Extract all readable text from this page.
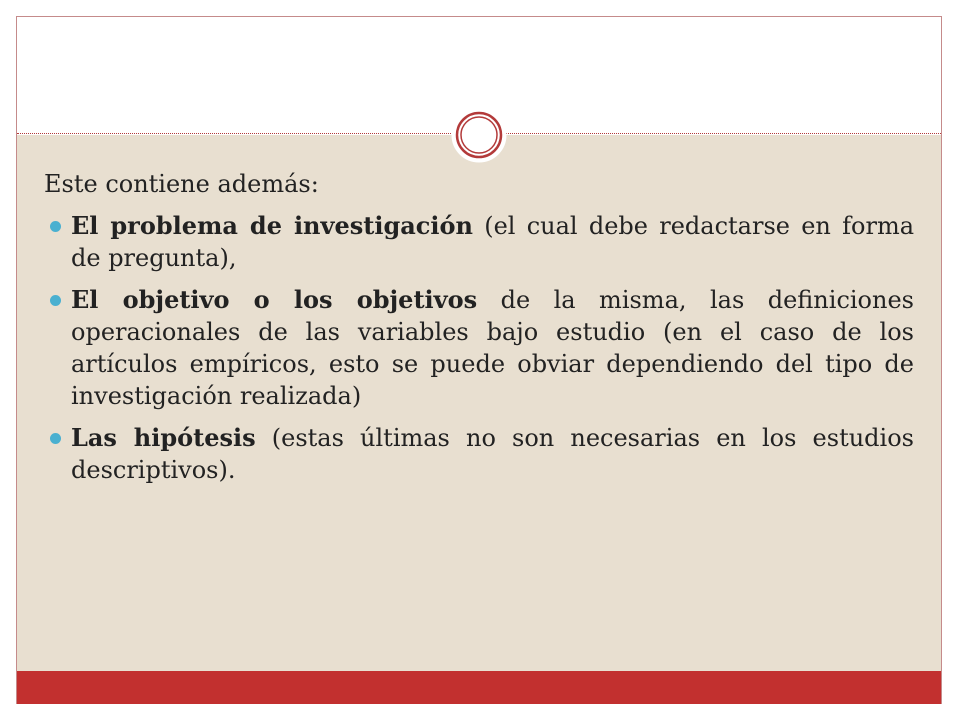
Este contiene además:

El problema de investigación (el cual debe redactarse en forma de pregunta),
El objetivo o los objetivos de la misma, las definiciones operacionales de las variables bajo estudio (en el caso de los artículos empíricos, esto se puede obviar dependiendo del tipo de investigación realizada)
Las hipótesis (estas últimas no son necesarias en los estudios descriptivos).
